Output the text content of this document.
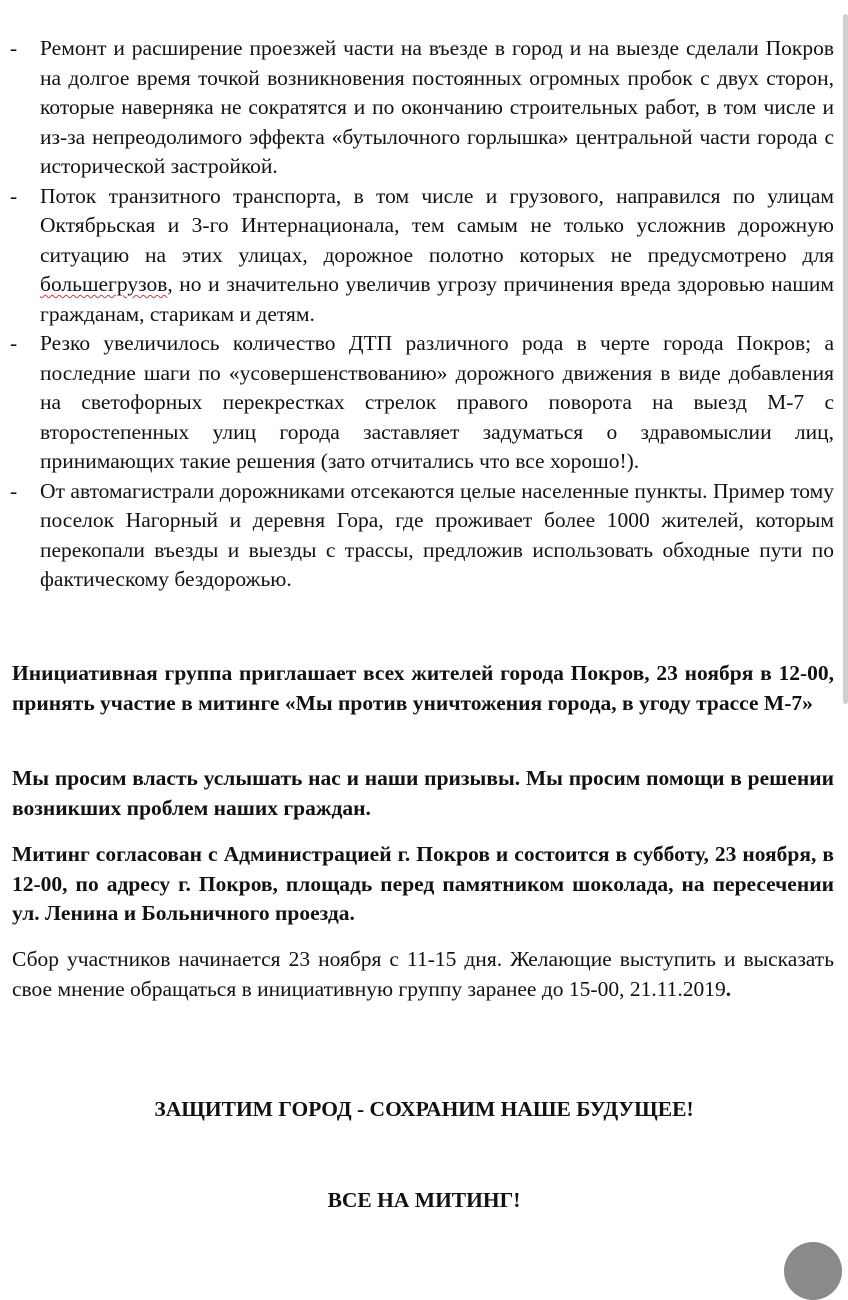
- Ремонт и расширение проезжей части на въезде в город и на выезде сделали Покров на долгое время точкой возникновения постоянных огромных пробок с двух сторон, которые наверняка не сократятся и по окончанию строительных работ, в том числе и из-за непреодолимого эффекта «бутылочного горлышка» центральной части города с исторической застройкой.
- Поток транзитного транспорта, в том числе и грузового, направился по улицам Октябрьская и 3-го Интернационала, тем самым не только усложнив дорожную ситуацию на этих улицах, дорожное полотно которых не предусмотрено для большегрузов, но и значительно увеличив угрозу причинения вреда здоровью нашим гражданам, старикам и детям.
- Резко увеличилось количество ДТП различного рода в черте города Покров; а последние шаги по «усовершенствованию» дорожного движения в виде добавления на светофорных перекрестках стрелок правого поворота на выезд М-7 с второстепенных улиц города заставляет задуматься о здравомыслии лиц, принимающих такие решения (зато отчитались что все хорошо!).
- От автомагистрали дорожниками отсекаются целые населенные пункты. Пример тому поселок Нагорный и деревня Гора, где проживает более 1000 жителей, которым перекопали въезды и выезды с трассы, предложив использовать обходные пути по фактическому бездорожью.

Инициативная группа приглашает всех жителей города Покров, 23 ноября в 12-00, принять участие в митинге «Мы против уничтожения города, в угоду трассе М-7»

Мы просим власть услышать нас и наши призывы. Мы просим помощи в решении возникших проблем наших граждан.

Митинг согласован с Администрацией г. Покров и состоится в субботу, 23 ноября, в 12-00, по адресу г. Покров, площадь перед памятником шоколада, на пересечении ул. Ленина и Больничного проезда.

Сбор участников начинается 23 ноября с 11-15 дня. Желающие выступить и высказать свое мнение обращаться в инициативную группу заранее до 15-00, 21.11.2019.

ЗАЩИТИМ ГОРОД - СОХРАНИМ НАШЕ БУДУЩЕЕ!

ВСЕ НА МИТИНГ!
